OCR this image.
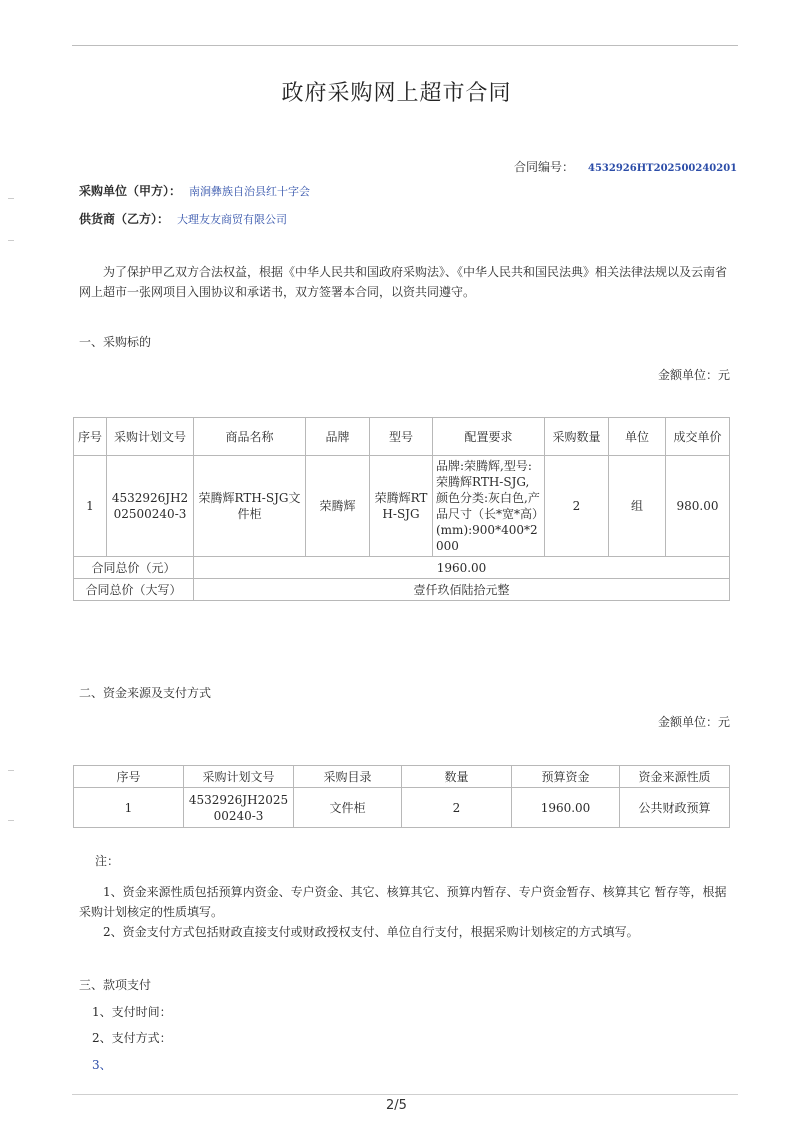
政府采购网上超市合同
合同编号： 4532926HT202500240201
采购单位（甲方）： 南涧彝族自治县红十字会
供货商（乙方）： 大理友友商贸有限公司
为了保护甲乙双方合法权益，根据《中华人民共和国政府采购法》、《中华人民共和国民法典》相关法律法规以及云南省网上超市一张网项目入围协议和承诺书，双方签署本合同，以资共同遵守。
一、采购标的
金额单位：元
序号	采购计划文号	商品名称	品牌	型号	配置要求	采购数量	单位	成交单价
1	4532926JH202500240-3	荣腾辉RTH-SJG文件柜	荣腾辉	荣腾辉RTH-SJG	品牌:荣腾辉,型号:荣腾辉RTH-SJG,颜色分类:灰白色,产品尺寸（长*宽*高）(mm):900*400*2000	2	组	980.00
合同总价（元）		1960.00						
合同总价（大写）		壹仟玖佰陆拾元整						
二、资金来源及支付方式
金额单位：元
序号	采购计划文号	采购目录	数量	预算资金	资金来源性质
1	4532926JH202500240-3	文件柜	2	1960.00	公共财政预算
注：
1、资金来源性质包括预算内资金、专户资金、其它、核算其它、预算内暂存、专户资金暂存、核算其它 暂存等，根据采购计划核定的性质填写。
2、资金支付方式包括财政直接支付或财政授权支付、单位自行支付，根据采购计划核定的方式填写。
三、款项支付
1、支付时间：
2、支付方式：
3、
2/5
